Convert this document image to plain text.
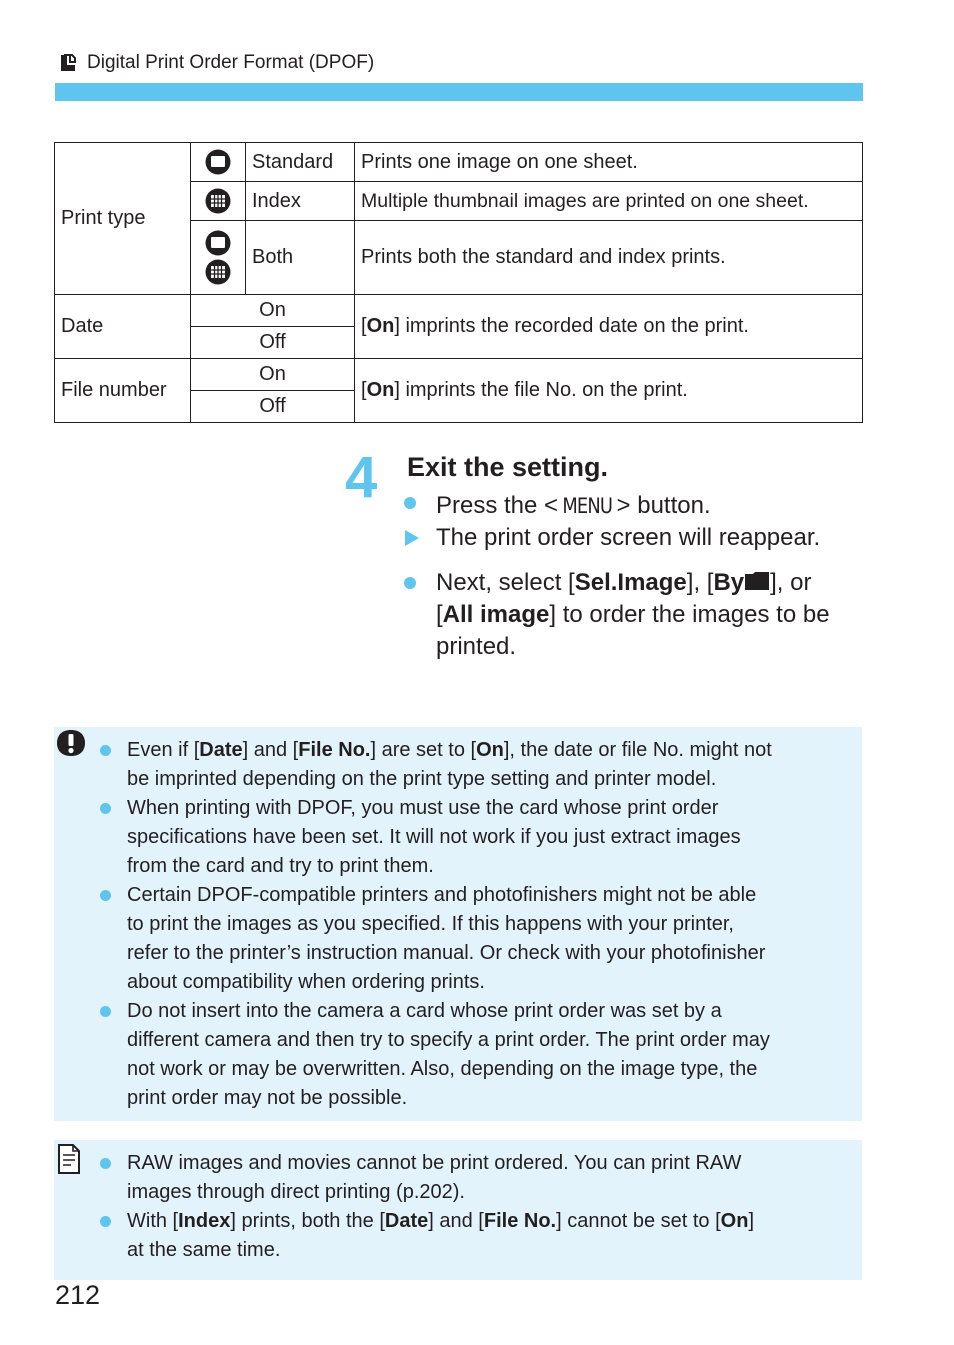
Digital Print Order Format (DPOF)
Print type		Standard	Prints one image on one sheet.

	Index	Multiple thumbnail images are printed on one sheet.

	Both	Prints both the standard and index prints.
Date	On		[On] imprints the recorded date on the print.
	Off		
File number	On		[On] imprints the file No. on the print.
	Off		
4 Exit the setting.
Press the < MENU > button.
The print order screen will reappear.
Next, select [Sel.Image], [By ], or
[All image] to order the images to be
printed.
Even if [Date] and [File No.] are set to [On], the date or file No. might not
be imprinted depending on the print type setting and printer model.
When printing with DPOF, you must use the card whose print order
specifications have been set. It will not work if you just extract images
from the card and try to print them.
Certain DPOF-compatible printers and photofinishers might not be able
to print the images as you specified. If this happens with your printer,
refer to the printer’s instruction manual. Or check with your photofinisher
about compatibility when ordering prints.
Do not insert into the camera a card whose print order was set by a
different camera and then try to specify a print order. The print order may
not work or may be overwritten. Also, depending on the image type, the
print order may not be possible.
RAW images and movies cannot be print ordered. You can print RAW
images through direct printing (p.202).
With [Index] prints, both the [Date] and [File No.] cannot be set to [On]
at the same time.
212
